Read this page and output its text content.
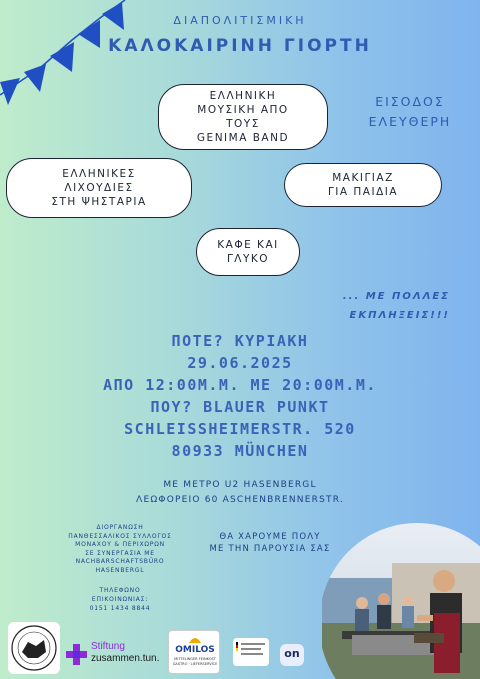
ΔΙΑΠΟΛΙΤΙΣΜΙΚΗ
ΚΑΛΟΚΑΙΡΙΝΗ ΓΙΟΡΤΗ
ΕΛΛΗΝΙΚΗ
ΜΟΥΣΙΚΗ ΑΠΟ
ΤΟΥΣ
GENIMA BAND
ΕΙΣΟΔΟΣ
ΕΛΕΥΘΕΡΗ
ΕΛΛΗΝΙΚΕΣ
ΛΙΧΟΥΔΙΕΣ
ΣΤΗ ΨΗΣΤΑΡΙΑ
ΜΑΚΙΓΙΑΖ
ΓΙΑ ΠΑΙΔΙΑ
ΚΑΦΕ ΚΑΙ
ΓΛΥΚΟ
... ΜΕ ΠΟΛΛΕΣ
ΕΚΠΛΗΞΕΙΣ!!!
ΠΟΤΕ? ΚΥΡΙΑΚΗ
29.06.2025
ΑΠΟ 12:00Μ.Μ. ΜΕ 20:00Μ.Μ.
ΠΟΥ? BLAUER PUNKT
SCHLEISSHEIMERSTR. 520
80933 MÜNCHEN
ΜΕ ΜΕΤΡΟ U2 HASENBERGL
ΛΕΩΦΟΡΕΙΟ 60 ASCHENBRENNERSTR.
ΔΙΟΡΓΑΝΩΣΗ
ΠΑΝΘΕΣΣΑΛΙΚΟΣ ΣΥΛΛΟΓΟΣ
ΜΟΝΑΧΟΥ & ΠΕΡΙΧΩΡΩΝ
ΣΕ ΣΥΝΕΡΓΑΣΙΑ ΜΕ
NACHBARSCHAFTSBÜRO
HASENBERGL
ΤΗΛΕΦΩΝΟ
ΕΠΙΚΟΙΝΩΝΙΑΣ:
0151 1434 8844
ΘΑ ΧΑΡΟΥΜΕ ΠΟΛΥ
ΜΕ ΤΗΝ ΠΑΡΟΥΣΙΑ ΣΑΣ
Stiftung
zusammen.tun.
OMILOS
MITTELINGER FEINKOST
GASTRO · LIEFERSERVICE
on
